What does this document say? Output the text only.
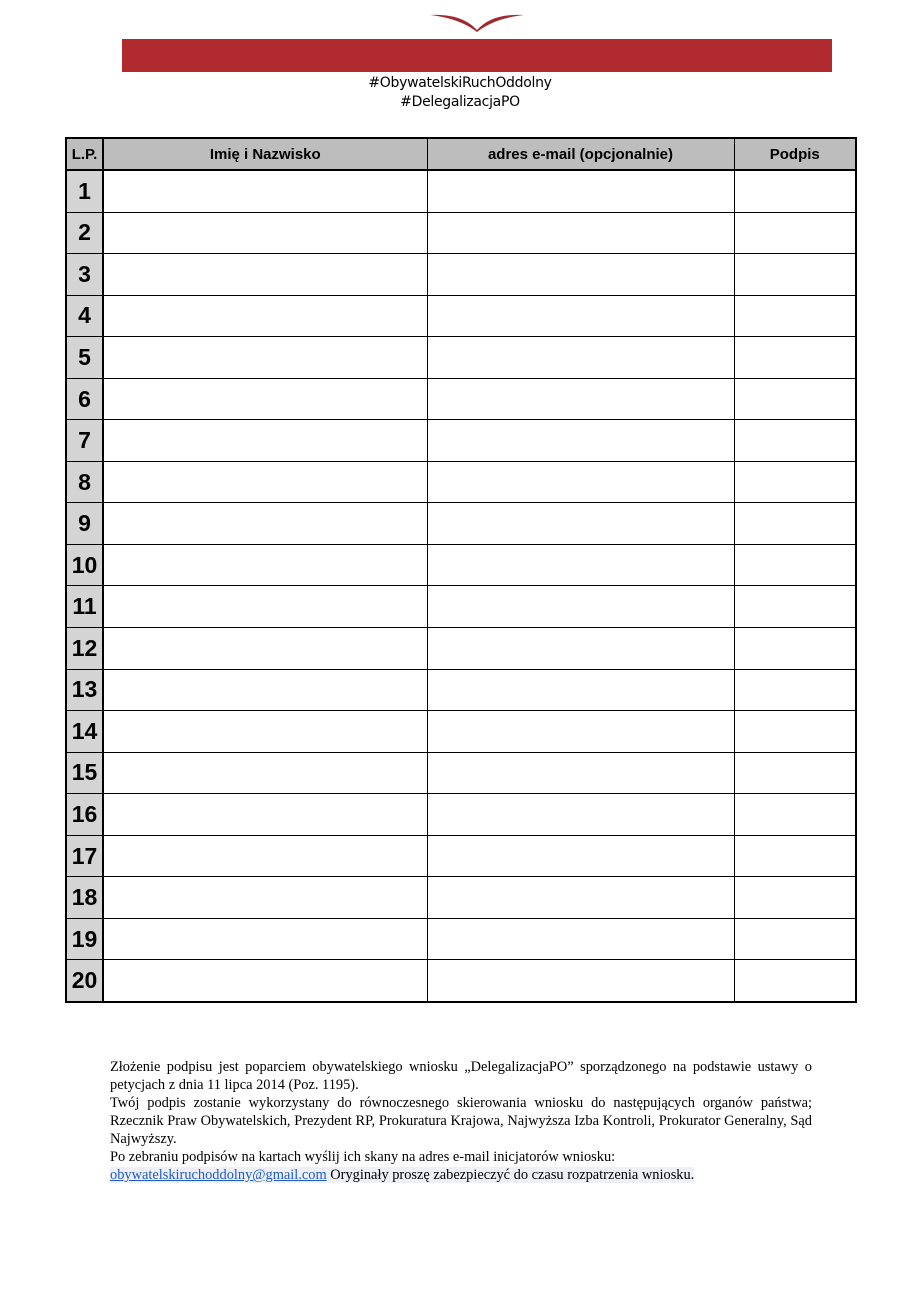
#ObywatelskiRuchOddolny
#DelegalizacjaPO
L.P.	Imię i Nazwisko	adres e-mail (opcjonalnie)	Podpis
1			
2			
3			
4			
5			
6			
7			
8			
9			
10			
11			
12			
13			
14			
15			
16			
17			
18			
19			
20			

Złożenie podpisu jest poparciem obywatelskiego wniosku „DelegalizacjaPO” sporządzonego na podstawie ustawy o petycjach z dnia 11 lipca 2014 (Poz. 1195).

Twój podpis zostanie wykorzystany do równoczesnego skierowania wniosku do następujących organów państwa; Rzecznik Praw Obywatelskich, Prezydent RP, Prokuratura Krajowa, Najwyższa Izba Kontroli, Prokurator Generalny, Sąd Najwyższy.

Po zebraniu podpisów na kartach wyślij ich skany na adres e-mail inicjatorów wniosku:

obywatelskiruchoddolny@gmail.com Oryginały proszę zabezpieczyć do czasu rozpatrzenia wniosku.
